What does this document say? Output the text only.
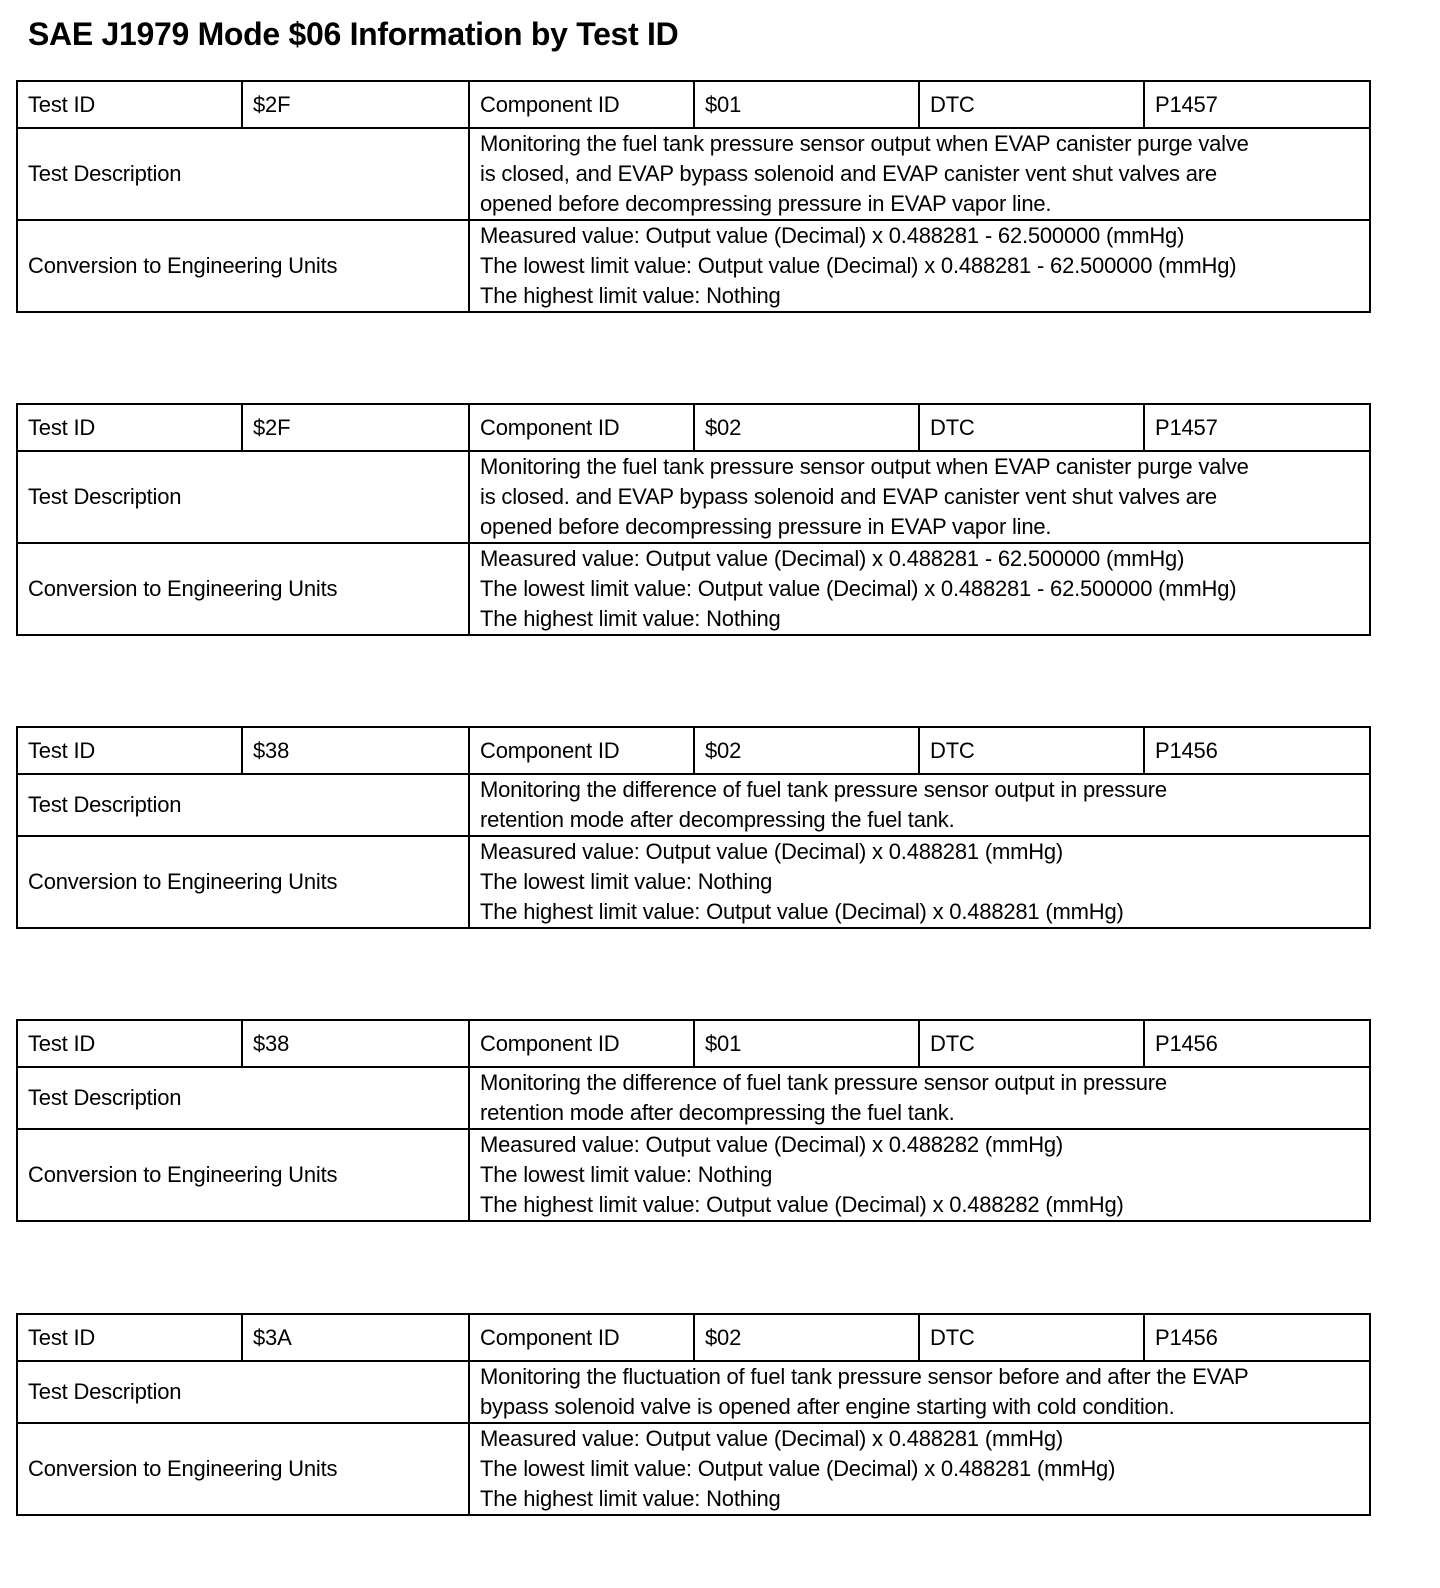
SAE J1979 Mode $06 Information by Test ID
Test ID	$2F	Component ID	$01	DTC	P1457
Test Description		Monitoring the fuel tank pressure sensor output when EVAP canister purge valve
is closed, and EVAP bypass solenoid and EVAP canister vent shut valves are
opened before decompressing pressure in EVAP vapor line.			

Conversion to Engineering Units		Measured value: Output value (Decimal) x 0.488281 - 62.500000 (mmHg)
The lowest limit value: Output value (Decimal) x 0.488281 - 62.500000 (mmHg)
The highest limit value: Nothing			
Test ID	$2F	Component ID	$02	DTC	P1457
Test Description		Monitoring the fuel tank pressure sensor output when EVAP canister purge valve
is closed. and EVAP bypass solenoid and EVAP canister vent shut valves are
opened before decompressing pressure in EVAP vapor line.			

Conversion to Engineering Units		Measured value: Output value (Decimal) x 0.488281 - 62.500000 (mmHg)
The lowest limit value: Output value (Decimal) x 0.488281 - 62.500000 (mmHg)
The highest limit value: Nothing			
Test ID	$38	Component ID	$02	DTC	P1456
Test Description		Monitoring the difference of fuel tank pressure sensor output in pressure
retention mode after decompressing the fuel tank.			

Conversion to Engineering Units		Measured value: Output value (Decimal) x 0.488281 (mmHg)
The lowest limit value: Nothing
The highest limit value: Output value (Decimal) x 0.488281 (mmHg)			
Test ID	$38	Component ID	$01	DTC	P1456
Test Description		Monitoring the difference of fuel tank pressure sensor output in pressure
retention mode after decompressing the fuel tank.			

Conversion to Engineering Units		Measured value: Output value (Decimal) x 0.488282 (mmHg)
The lowest limit value: Nothing
The highest limit value: Output value (Decimal) x 0.488282 (mmHg)			
Test ID	$3A	Component ID	$02	DTC	P1456
Test Description		Monitoring the fluctuation of fuel tank pressure sensor before and after the EVAP
bypass solenoid valve is opened after engine starting with cold condition.			

Conversion to Engineering Units		Measured value: Output value (Decimal) x 0.488281 (mmHg)
The lowest limit value: Output value (Decimal) x 0.488281 (mmHg)
The highest limit value: Nothing			
